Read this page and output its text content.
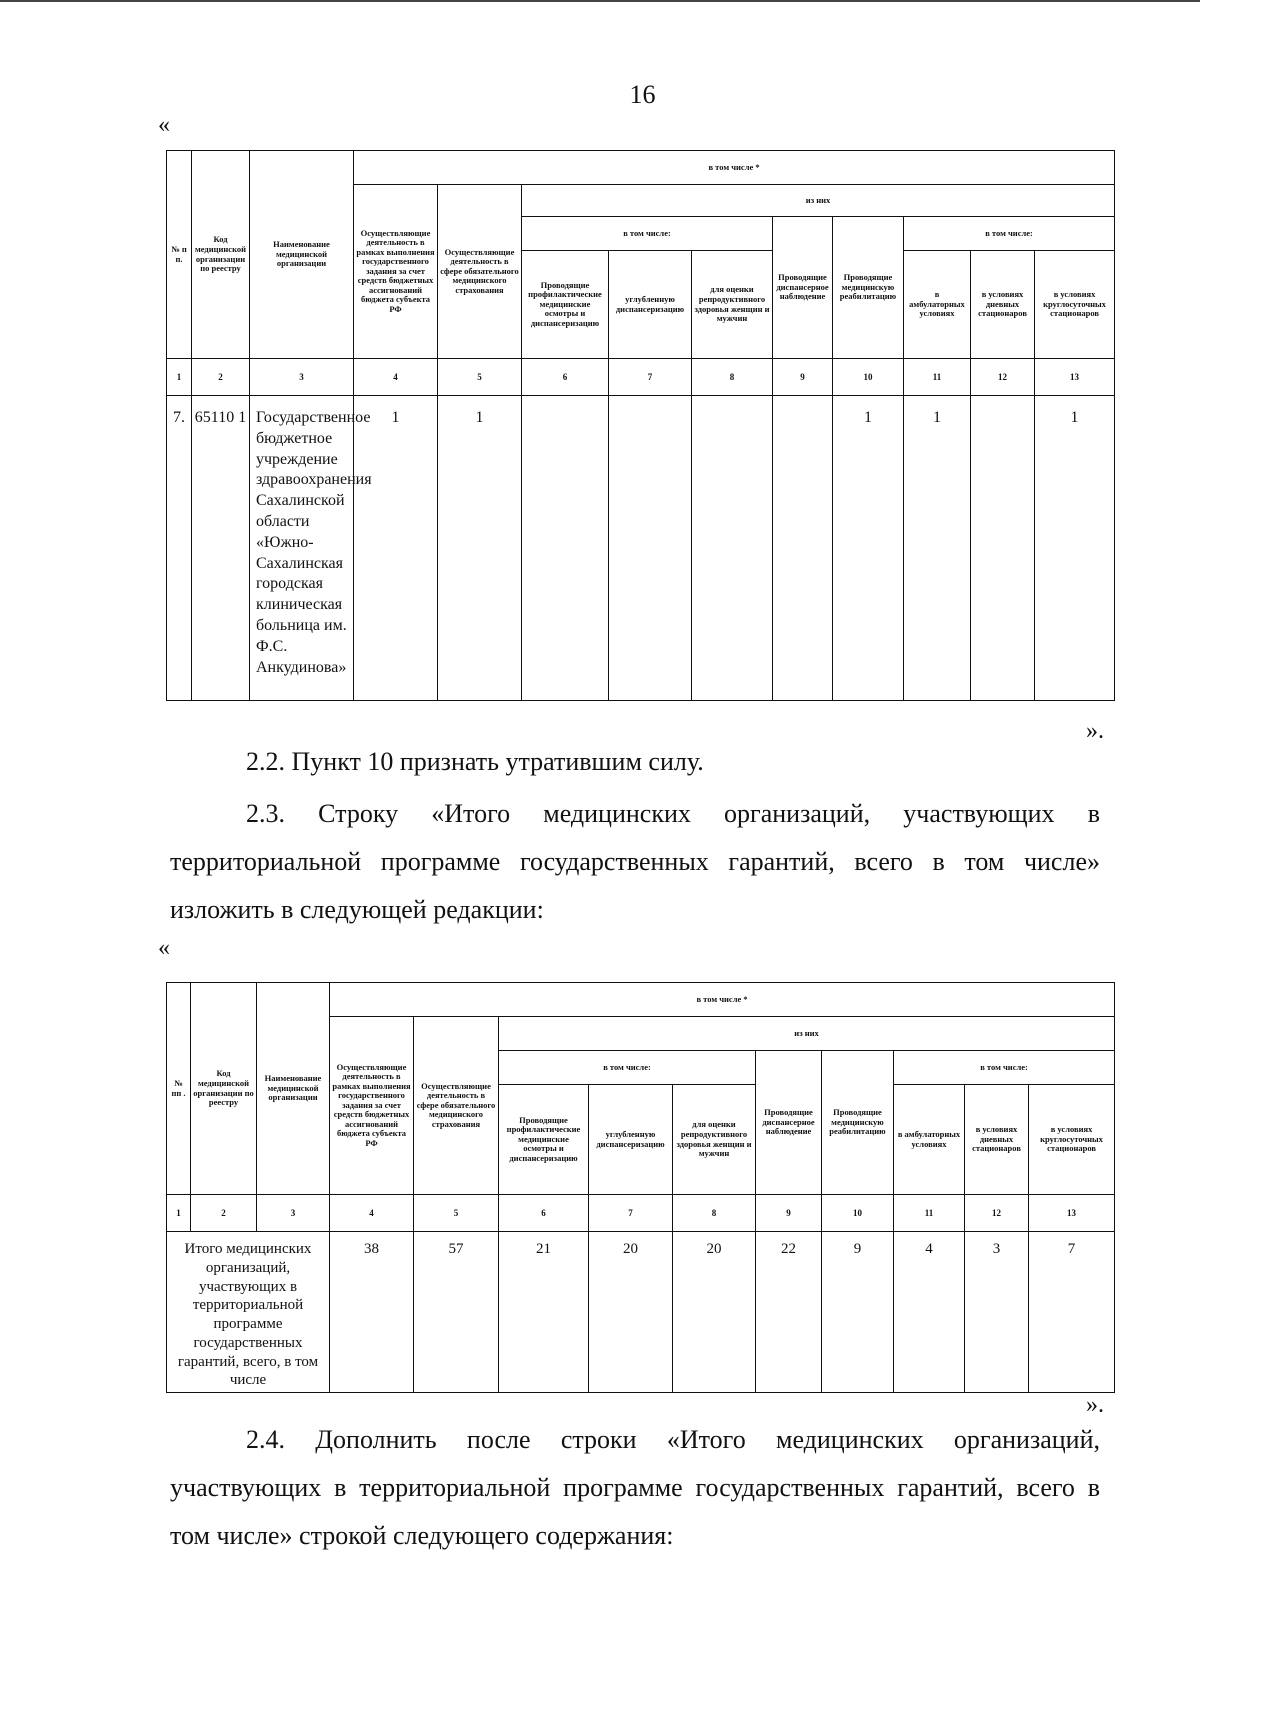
16
«
№ п п.	Код медицинской организации по реестру	Наименование медицинской организации	в том числе *									
			Осуществляющие деятельность в рамках выполнения государственного задания за счет средств бюджетных ассигнований бюджета субъекта РФ	Осуществляющие деятельность в сфере обязательного медицинского страхования	из них							
					в том числе:			Проводящие диспансерное наблюдение	Проводящие медицинскую реабилитацию	в том числе:		
					Проводящие профилактические медицинские осмотры и диспансеризацию	углубленную диспансеризацию	для оценки репродуктивного здоровья женщин и мужчин			в амбулаторных условиях	в условиях дневных стационаров	в условиях круглосуточных стационаров
1	2	3	4	5	6	7	8	9	10	11	12	13
7.	65110 1	Государственное бюджетное учреждение здравоохранения Сахалинской области «Южно-Сахалинская городская клиническая больница им. Ф.С. Анкудинова»	1	1					1	1		1
».
2.2. Пункт 10 признать утратившим силу.
2.3. Строку «Итого медицинских организаций, участвующих в территориальной программе государственных гарантий, всего в том числе» изложить в следующей редакции:
«
№ пп .	Код медицинской организации по реестру	Наименование медицинской организации	в том числе *									
			Осуществляющие деятельность в рамках выполнения государственного задания за счет средств бюджетных ассигнований бюджета субъекта РФ	Осуществляющие деятельность в сфере обязательного медицинского страхования	из них							
					в том числе:			Проводящие диспансерное наблюдение	Проводящие медицинскую реабилитацию	в том числе:		
					Проводящие профилактические медицинские осмотры и диспансеризацию	углубленную диспансеризацию	для оценки репродуктивного здоровья женщин и мужчин			в амбулаторных условиях	в условиях дневных стационаров	в условиях круглосуточных стационаров
1	2	3	4	5	6	7	8	9	10	11	12	13
Итого медицинских организаций, участвующих в территориальной программе государственных гарантий, всего, в том числе			38	57	21	20	20	22	9	4	3	7
».
2.4. Дополнить после строки «Итого медицинских организаций, участвующих в территориальной программе государственных гарантий, всего в том числе» строкой следующего содержания:
